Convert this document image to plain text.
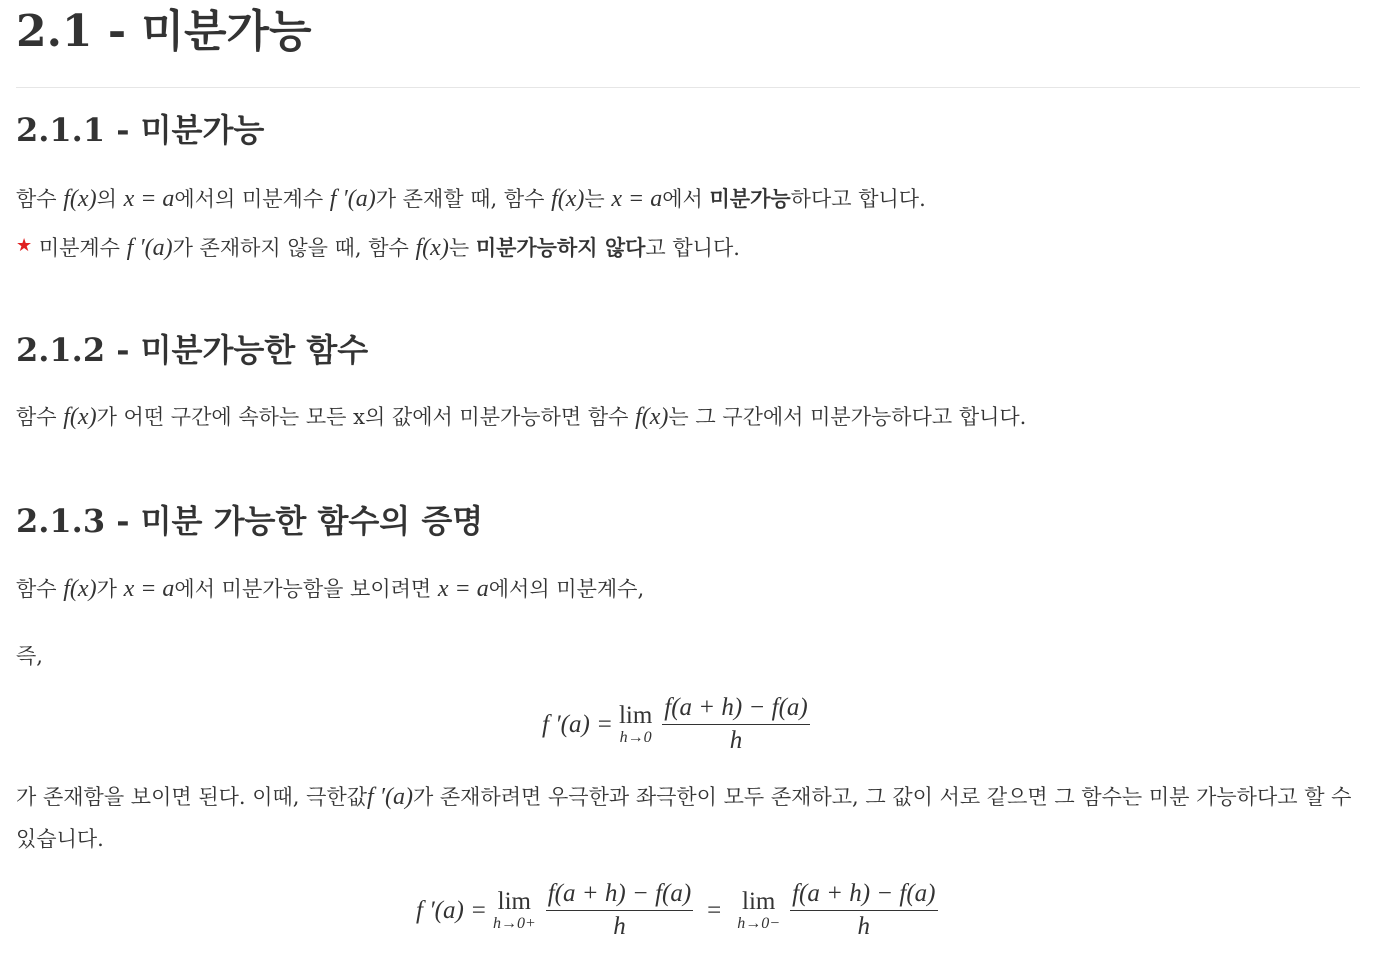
2.1 - 미분가능
2.1.1 - 미분가능
함수 f(x)의 x = a에서의 미분계수 f ′(a)가 존재할 때, 함수 f(x)는 x = a에서 미분가능하다고 합니다.
★ 미분계수 f ′(a)가 존재하지 않을 때, 함수 f(x)는 미분가능하지 않다고 합니다.
2.1.2 - 미분가능한 함수
함수 f(x)가 어떤 구간에 속하는 모든 x의 값에서 미분가능하면 함수 f(x)는 그 구간에서 미분가능하다고 합니다.
2.1.3 - 미분 가능한 함수의 증명
함수 f(x)가 x = a에서 미분가능함을 보이려면 x = a에서의 미분계수,
즉,
f ′(a) = lim
$h\to 0 \frac{f(a + h) - f(a)}{h}$
가 존재함을 보이면 된다. 이때, 극한값f ′(a)가 존재하려면 우극한과 좌극한이 모두 존재하고, 그 값이 서로 같으면 그 함수는 미분 가능하다고 할 수 있습니다.
f ′(a) = lim
$h\to 0+ \frac{f(a + h) - f(a)}{h} = \lim$
$h\to 0- \frac{f(a + h) - f(a)}{h}$
